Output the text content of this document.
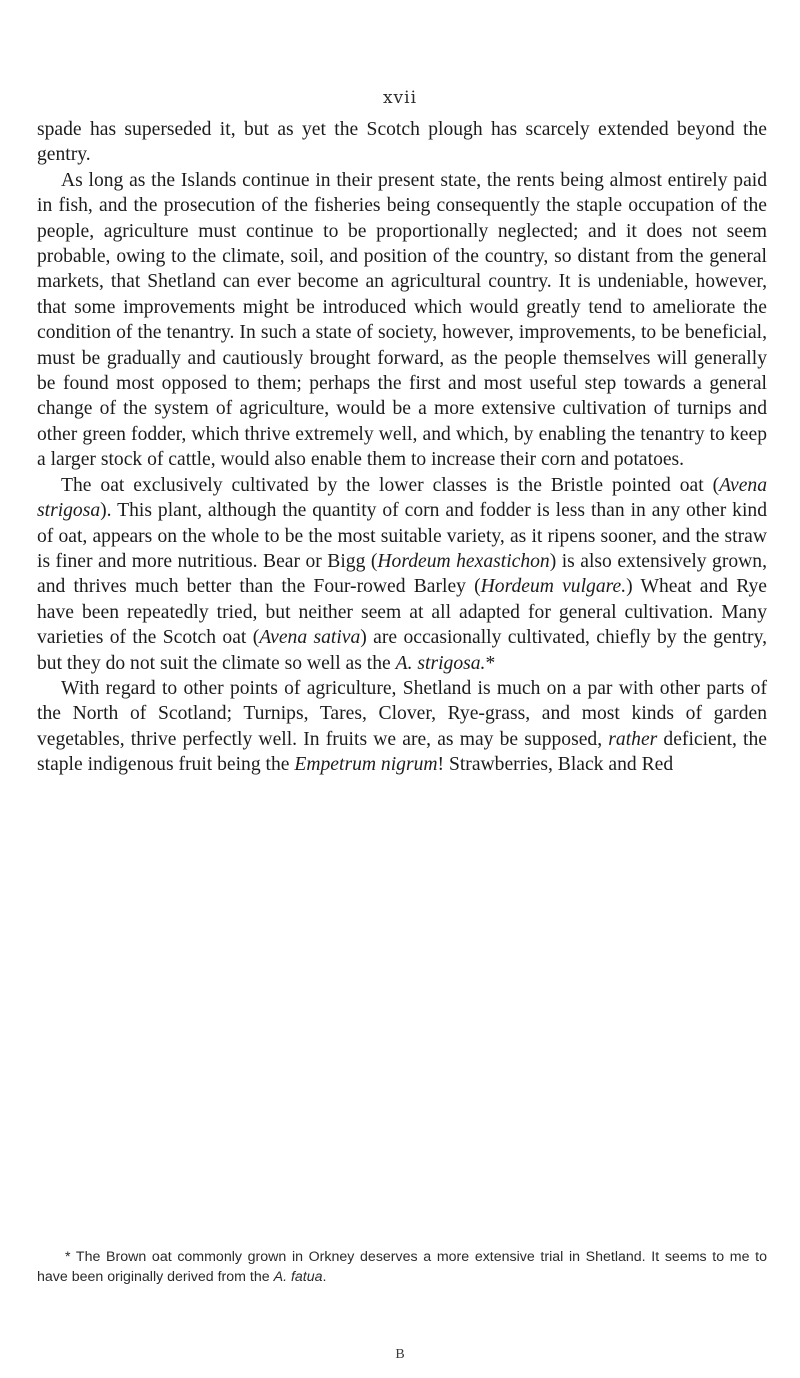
xvii

spade has superseded it, but as yet the Scotch plough has scarcely extended beyond the gentry.

As long as the Islands continue in their present state, the rents being almost entirely paid in fish, and the prosecution of the fisheries being consequently the staple occupation of the people, agriculture must continue to be proportionally neglected; and it does not seem probable, owing to the climate, soil, and position of the country, so distant from the general markets, that Shetland can ever become an agricultural country. It is undeniable, however, that some improvements might be introduced which would greatly tend to ameliorate the condition of the tenantry. In such a state of society, however, improvements, to be beneficial, must be gradually and cautiously brought forward, as the people themselves will generally be found most opposed to them; perhaps the first and most useful step towards a general change of the system of agriculture, would be a more extensive cultivation of turnips and other green fodder, which thrive extremely well, and which, by enabling the tenantry to keep a larger stock of cattle, would also enable them to increase their corn and potatoes.

The oat exclusively cultivated by the lower classes is the Bristle pointed oat (Avena strigosa). This plant, although the quantity of corn and fodder is less than in any other kind of oat, appears on the whole to be the most suitable variety, as it ripens sooner, and the straw is finer and more nutritious. Bear or Bigg (Hordeum hexastichon) is also extensively grown, and thrives much better than the Four-rowed Barley (Hordeum vulgare.) Wheat and Rye have been repeatedly tried, but neither seem at all adapted for general cultivation. Many varieties of the Scotch oat (Avena sativa) are occasionally cultivated, chiefly by the gentry, but they do not suit the climate so well as the A. strigosa.*

With regard to other points of agriculture, Shetland is much on a par with other parts of the North of Scotland; Turnips, Tares, Clover, Rye-grass, and most kinds of garden vegetables, thrive perfectly well. In fruits we are, as may be supposed, rather deficient, the staple indigenous fruit being the Empetrum nigrum! Strawberries, Black and Red

* The Brown oat commonly grown in Orkney deserves a more extensive trial in Shetland. It seems to me to have been originally derived from the A. fatua.

B
